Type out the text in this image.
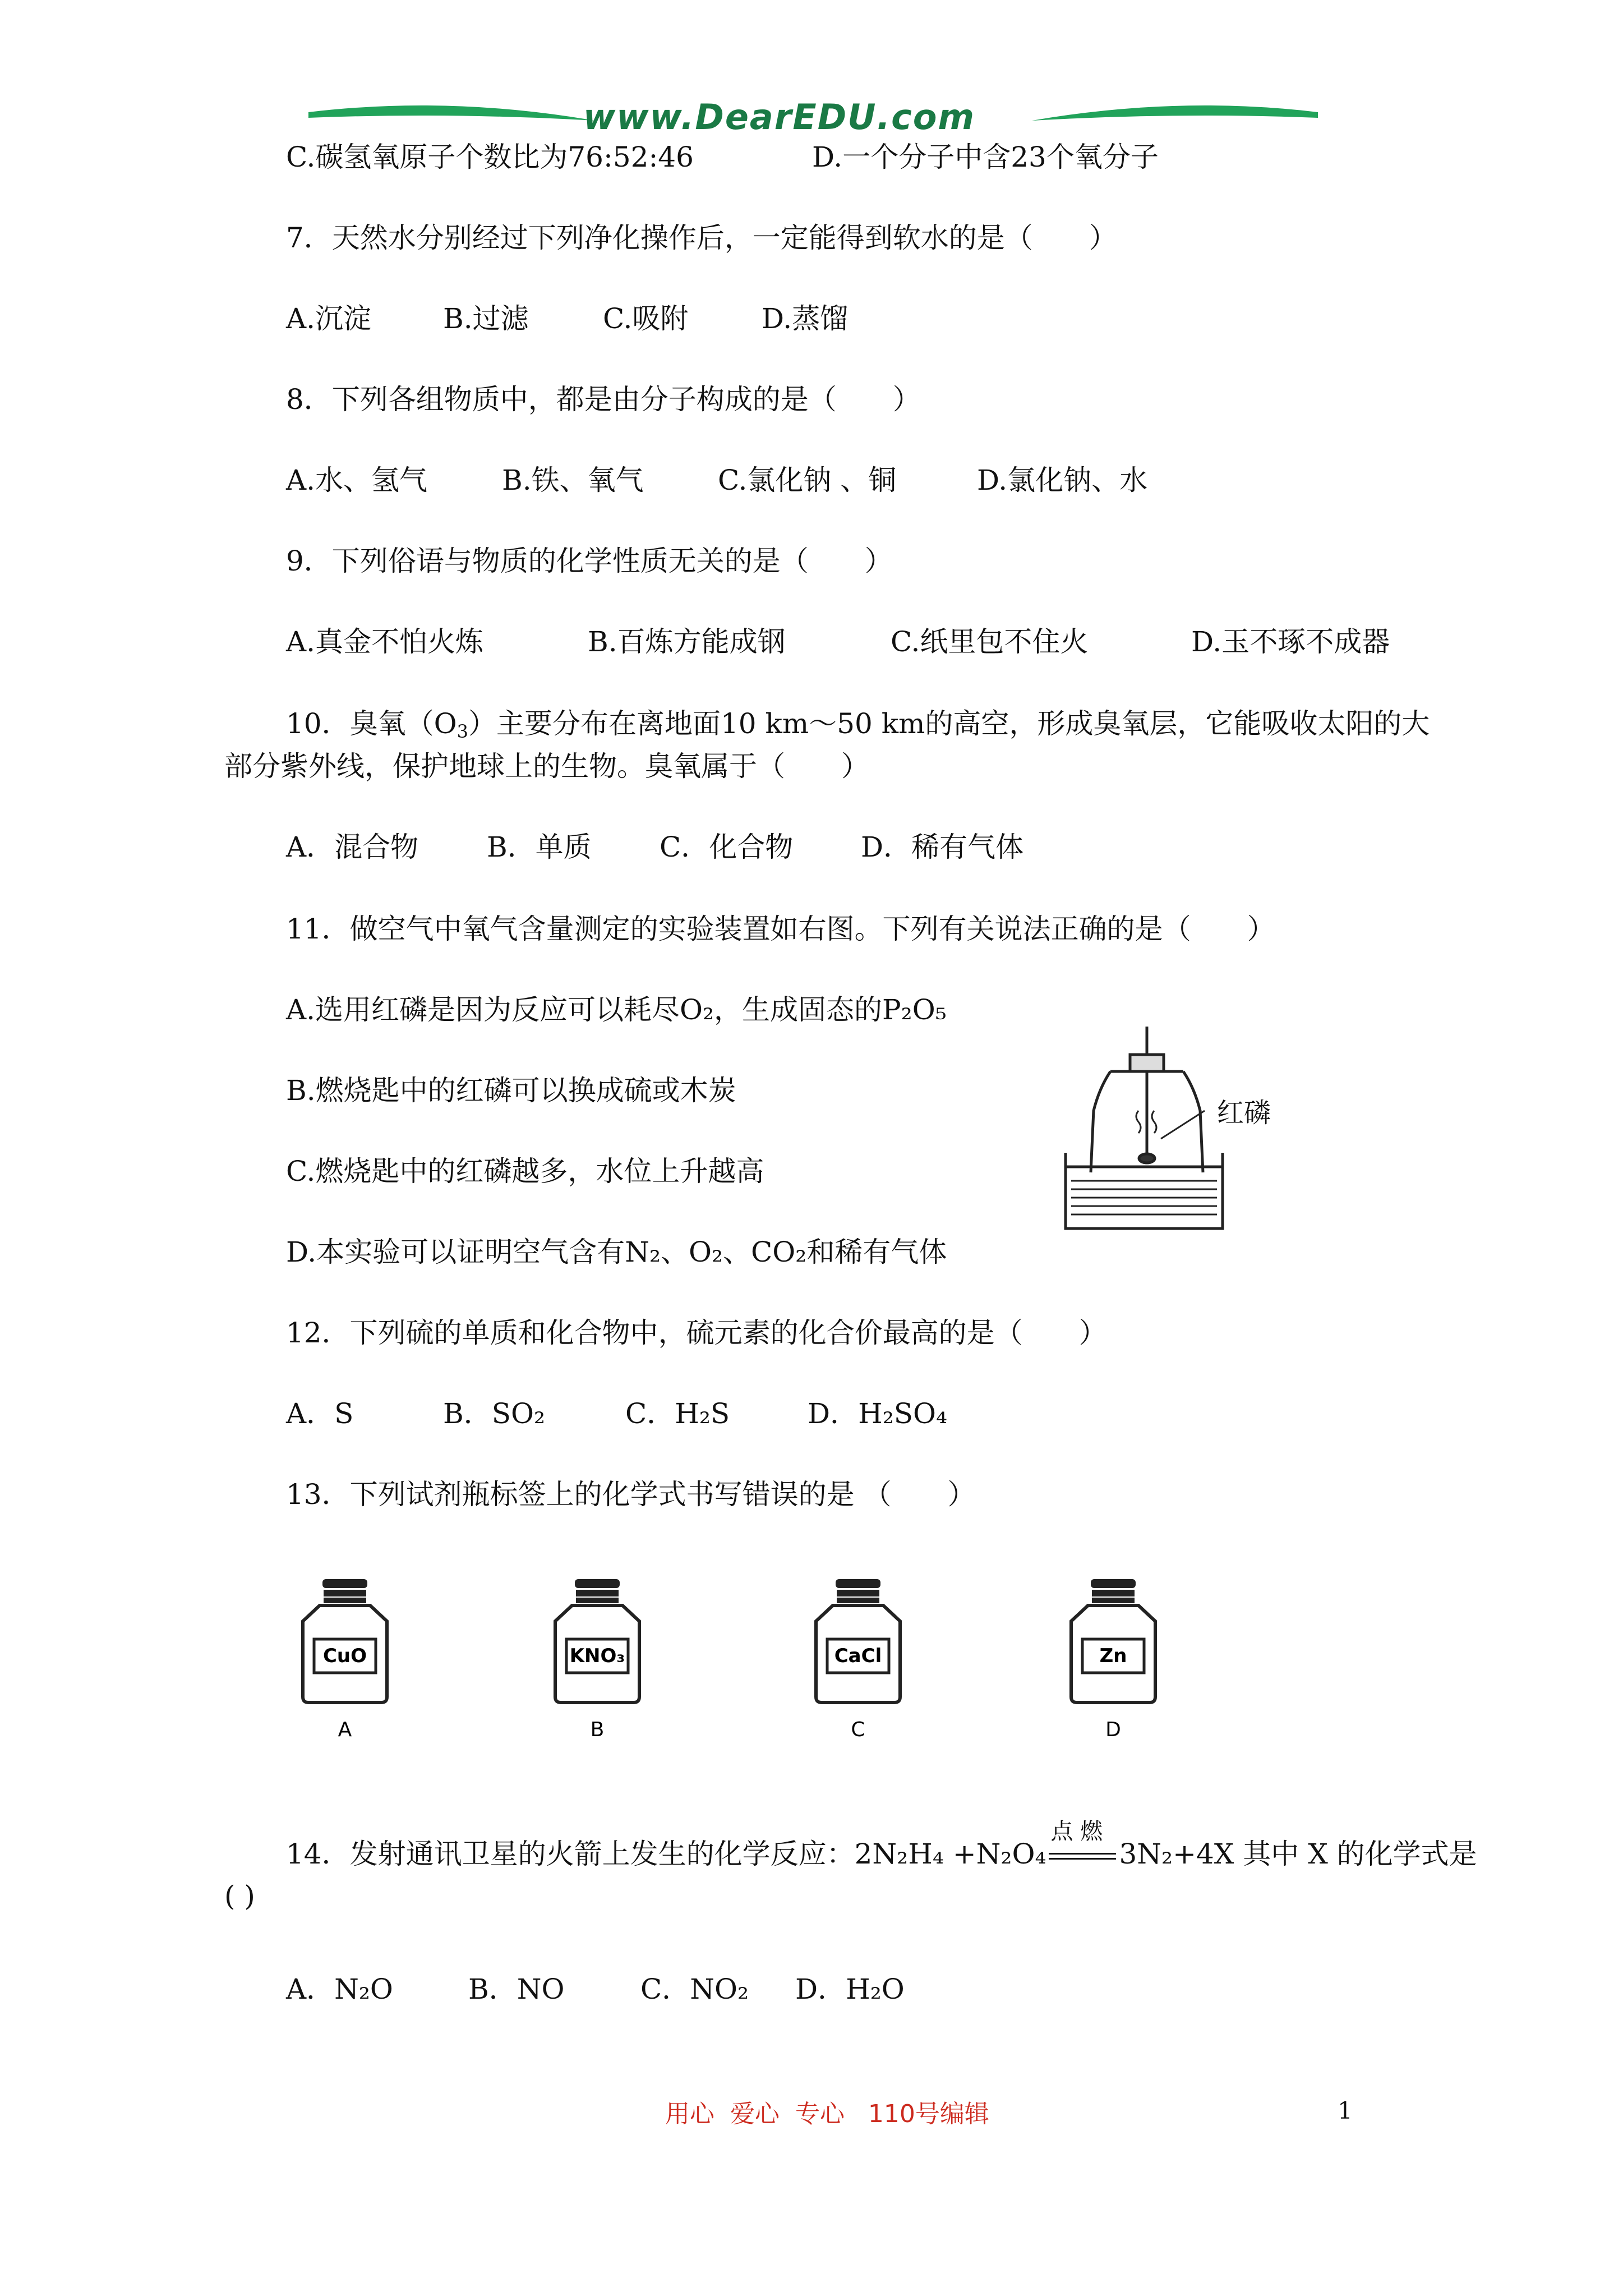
www.DearEDU.com
C.碳氢氧原子个数比为76:52:46	D.一个分子中含23个氧分子
7．天然水分别经过下列净化操作后，一定能得到软水的是（　　）
A.沉淀	B.过滤	C.吸附	D.蒸馏
8．下列各组物质中，都是由分子构成的是（　　）
A.水、氢气	B.铁、氧气	C.氯化钠 、铜	D.氯化钠、水
9．下列俗语与物质的化学性质无关的是（　　）
A.真金不怕火炼	B.百炼方能成钢	C.纸里包不住火	D.玉不琢不成器
10．臭氧$(O_3)$主要分布在离地面10 km～50 km的高空，形成臭氧层，它能吸收太阳的大
部分紫外线，保护地球上的生物。臭氧属于（　　）
A．混合物 B．单质 C．化合物 D．稀有气体
11．做空气中氧气含量测定的实验装置如右图。下列有关说法正确的是（　　）
A.选用红磷是因为反应可以耗尽O₂，生成固态的P₂O₅
B.燃烧匙中的红磷可以换成硫或木炭
C.燃烧匙中的红磷越多，水位上升越高
D.本实验可以证明空气含有N₂、O₂、CO₂和稀有气体
红磷
12．下列硫的单质和化合物中，硫元素的化合价最高的是（　　）
A．S	B．SO₂	C．H₂S	D．H₂SO₄
13．下列试剂瓶标签上的化学式书写错误的是 （　　）
CuO
A
KNO₃
B
CaCl
C
Zn
D
14．发射通讯卫星的火箭上发生的化学反应：2N₂H₄ +N₂O₄
点 燃
3N₂+4X 其中 X 的化学式是
( )
A．N₂O	B．NO	C．NO₂ D．H₂O
用心  爱心  专心   110号编辑	1
